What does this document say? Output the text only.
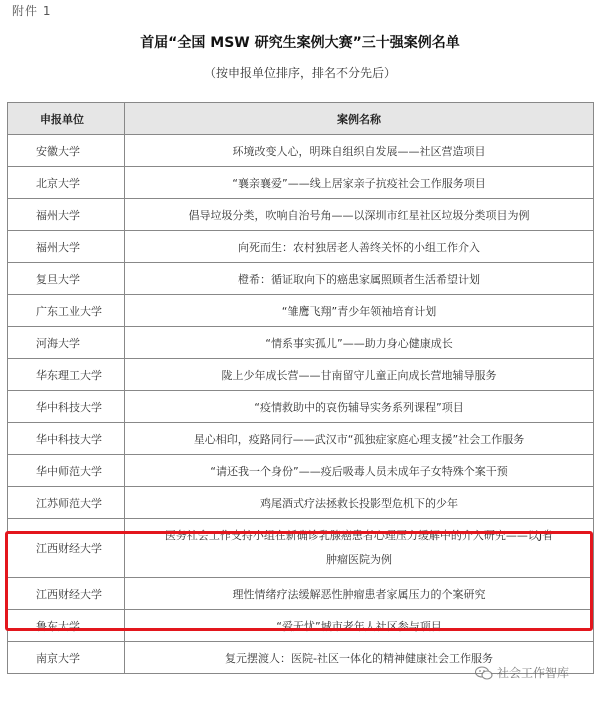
附件 1
首届“全国 MSW 研究生案例大赛”三十强案例名单
（按申报单位排序，排名不分先后）
申报单位	案例名称
安徽大学	环境改变人心，明珠自组织自发展——社区营造项目
北京大学	“襄亲襄爱”——线上居家亲子抗疫社会工作服务项目
福州大学	倡导垃圾分类，吹响自治号角——以深圳市红星社区垃圾分类项目为例
福州大学	向死而生：农村独居老人善终关怀的小组工作介入
复旦大学	橙希：循证取向下的癌患家属照顾者生活希望计划
广东工业大学	“雏鹰飞翔”青少年领袖培育计划
河海大学	“情系事实孤儿”——助力身心健康成长
华东理工大学	陇上少年成长营——甘南留守儿童正向成长营地辅导服务
华中科技大学	“疫情救助中的哀伤辅导实务系列课程”项目
华中科技大学	星心相印，疫路同行——武汉市“孤独症家庭心理支援”社会工作服务
华中师范大学	“请还我一个身份”——疫后吸毒人员未成年子女特殊个案干预
江苏师范大学	鸡尾酒式疗法拯救长投影型危机下的少年
江西财经大学	医务社会工作支持小组在新确诊乳腺癌患者心理压力缓解中的介入研究——以J省
肿瘤医院为例

江西财经大学	理性情绪疗法缓解恶性肿瘤患者家属压力的个案研究
鲁东大学	“爱无忧”城市老年人社区参与项目
南京大学	复元摆渡人：医院-社区一体化的精神健康社会工作服务
社会工作智库
